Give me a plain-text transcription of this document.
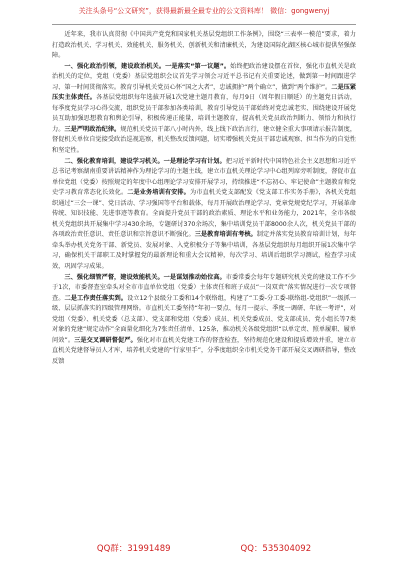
关注头条号“公文研究”，获得最新最全最专业的公文资料库！ 微信：gongwenyj

近年来，我市认真贯彻《中国共产党党和国家机关基层党组织工作条例》，围绕“三表率一模范”要求，着力打造政治机关、学习机关、效能机关、服务机关、创新机关和清廉机关，为建设国际化湖区核心城市提供坚强保障。

一、强化政治引领，建设政治机关。一是落实“第一议题”。始终把政治建设摆在首位，强化市直机关是政治机关的定位，党组（党委）基层党组织会议首先学习领会习近平总书记有关重要论述，做到第一时间跟进学习、第一时间贯彻落实。教育引导机关党员心怀“国之大者”，忠诚拥护“两个确立”，做到“两个维护”。二是压紧压实主体责任。各基层党组织每年选拔开展1次党建主题月教育，每月9日（周年假日顺延）的主题党日活动，每季度党员学习心得交流，组织党员干部参加各类培训，教育引导党员干部始终对党忠诚老实、围绕建设开展党员互助加强思想教育和舆论引导，积极传递正能量，培训主题教育，提高机关党员政治判断力、领悟力和执行力。三是严明政治纪律。规范机关党员干部八小时内外，线上线下政治言行，建立健全重大事项请示报告制度，督促机关单位自觉接受政治巡视巡察，机关整改反馈问题，切实增强机关党员干部忠诚观察、担当作为的自觉性和坚定性。

二、强化教育培训，建设学习机关。一是理论学习有计划。把习近平新时代中国特色社会主义思想和习近平总书记考察湖南重要讲话精神作为理论学习的主题主线，建立市直机关理论学习中心组列席旁听制度，督促市直单位党组（党委）按照规定的年度中心组理论学习安排开展学习，持续推进“不忘初心、牢记使命”主题教育和党史学习教育常态化长效化。二是业务培训有安排。为市直机关党支部配发《党支部工作实务手册》，各机关党组织通过“三会一课”、党日活动、学习强国等平台和载体，每月开展政治理论学习、党章党规党纪学习，开展革命传统、知识技能、先进事迹等教育。全面提升党员干部的政治素质、理论水平和业务能力，2021年，全市各级机关党组织共开展集中学习430余场，专题研讨370余场次，集中培训党员干部8000余人次，机关党员干部的各项政治责任意识、责任意识和宗旨意识不断强化。三是教育培训有考核。制定并落实党员教育培训计划，每年牵头举办机关党务干部、新党员、发展对象、入党积极分子等集中培训，各基层党组织每月组织开展1次集中学习，确保机关干部职工及时掌握党的最新理论和重大会议精神，每次学习、培训后组织学习测试，检查学习成效，巩固学习成果。

三、强化细管严督，建设效能机关。一是谋划推动始位高。市委常委会每年专题研究机关党的建设工作不少于1次，市委督查室牵头对全市市直单位党组（党委）主体责任和班子成员“一岗双责”落实情况进行一次专项督查。二是工作责任落实到。设立12个县级分工委和14个联络组，构建了“工委-分工委-联络组-党组织”一级抓一级、层层抓落实的四级管理网络。市直机关工委坚持“年初一要点、每月一提示、季度一调研、年底一考评”，对党组（党委）、机关党委（总支部）、党支部和党组（党委）成员、机关党委成员、党支部成员、党小组长等7类对象的党建“规定动作”全面量化细化为7张责任清单、125条，推动机关各级党组织“以单定责、照单履职、履单问效”。三是交叉调研督促严。强化对市直机关党建工作的督查检查，坚持规范化建设和提质增效并重，建立市直机关党建督导员人才库，培养机关党建的“行家里手”，分季度组织全市机关党务干部开展交叉调研指导，整改反馈

QQ群：31991489	QQ：535304092
